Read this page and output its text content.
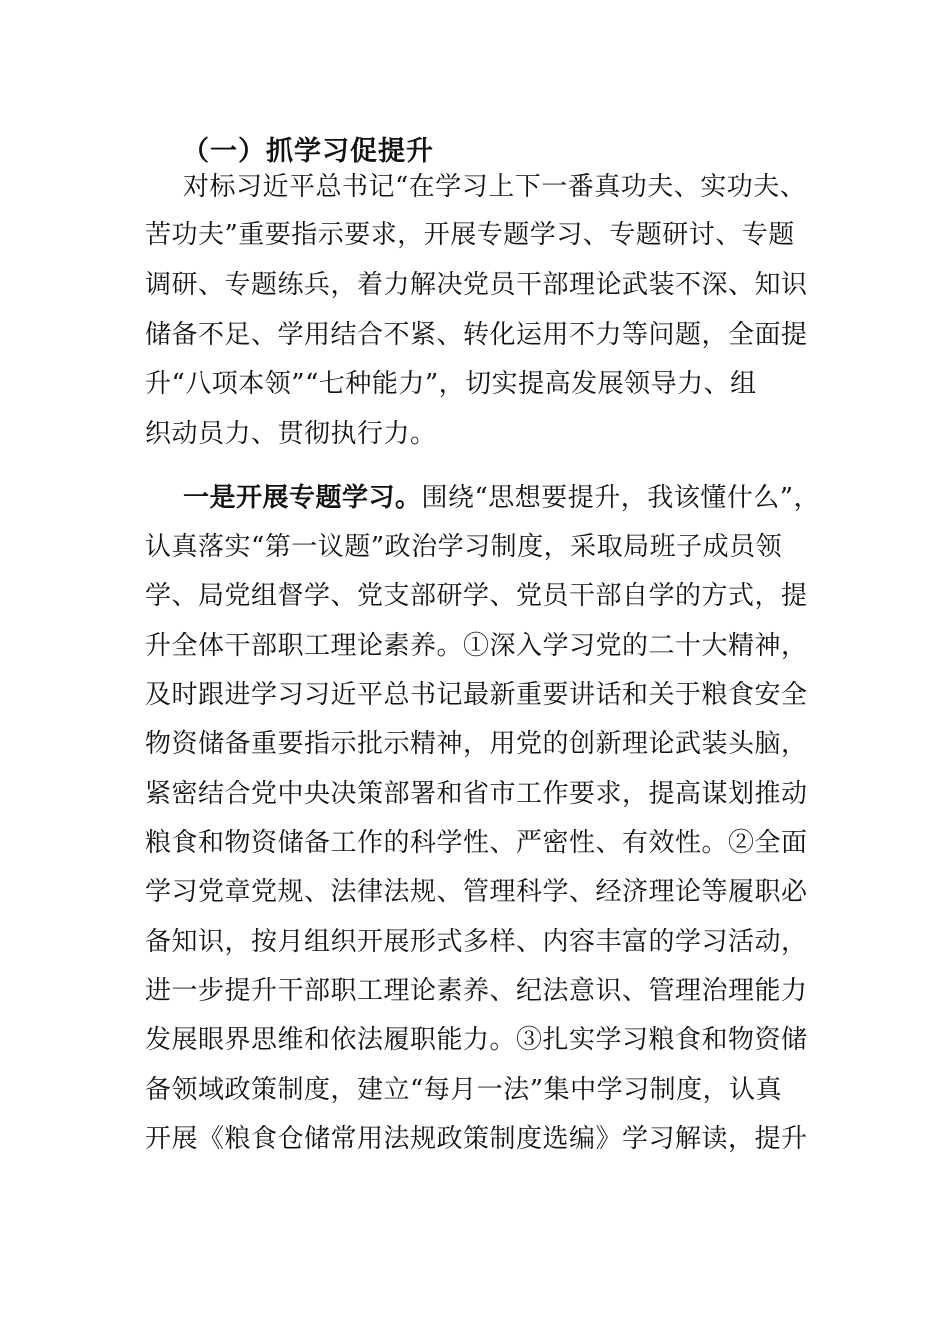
（一）抓学习促提升
对标习近平总书记“在学习上下一番真功夫、实功夫、
苦功夫”重要指示要求，开展专题学习、专题研讨、专题
调研、专题练兵，着力解决党员干部理论武装不深、知识
储备不足、学用结合不紧、转化运用不力等问题，全面提
升“八项本领”“七种能力”，切实提高发展领导力、组
织动员力、贯彻执行力。
一是开展专题学习。围绕“思想要提升，我该懂什么”，
认真落实“第一议题”政治学习制度，采取局班子成员领
学、局党组督学、党支部研学、党员干部自学的方式，提
升全体干部职工理论素养。①深入学习党的二十大精神，
及时跟进学习习近平总书记最新重要讲话和关于粮食安全
物资储备重要指示批示精神，用党的创新理论武装头脑，
紧密结合党中央决策部署和省市工作要求，提高谋划推动
粮食和物资储备工作的科学性、严密性、有效性。②全面
学习党章党规、法律法规、管理科学、经济理论等履职必
备知识，按月组织开展形式多样、内容丰富的学习活动，
进一步提升干部职工理论素养、纪法意识、管理治理能力
发展眼界思维和依法履职能力。③扎实学习粮食和物资储
备领域政策制度，建立“每月一法”集中学习制度，认真
开展《粮食仓储常用法规政策制度选编》学习解读，提升
